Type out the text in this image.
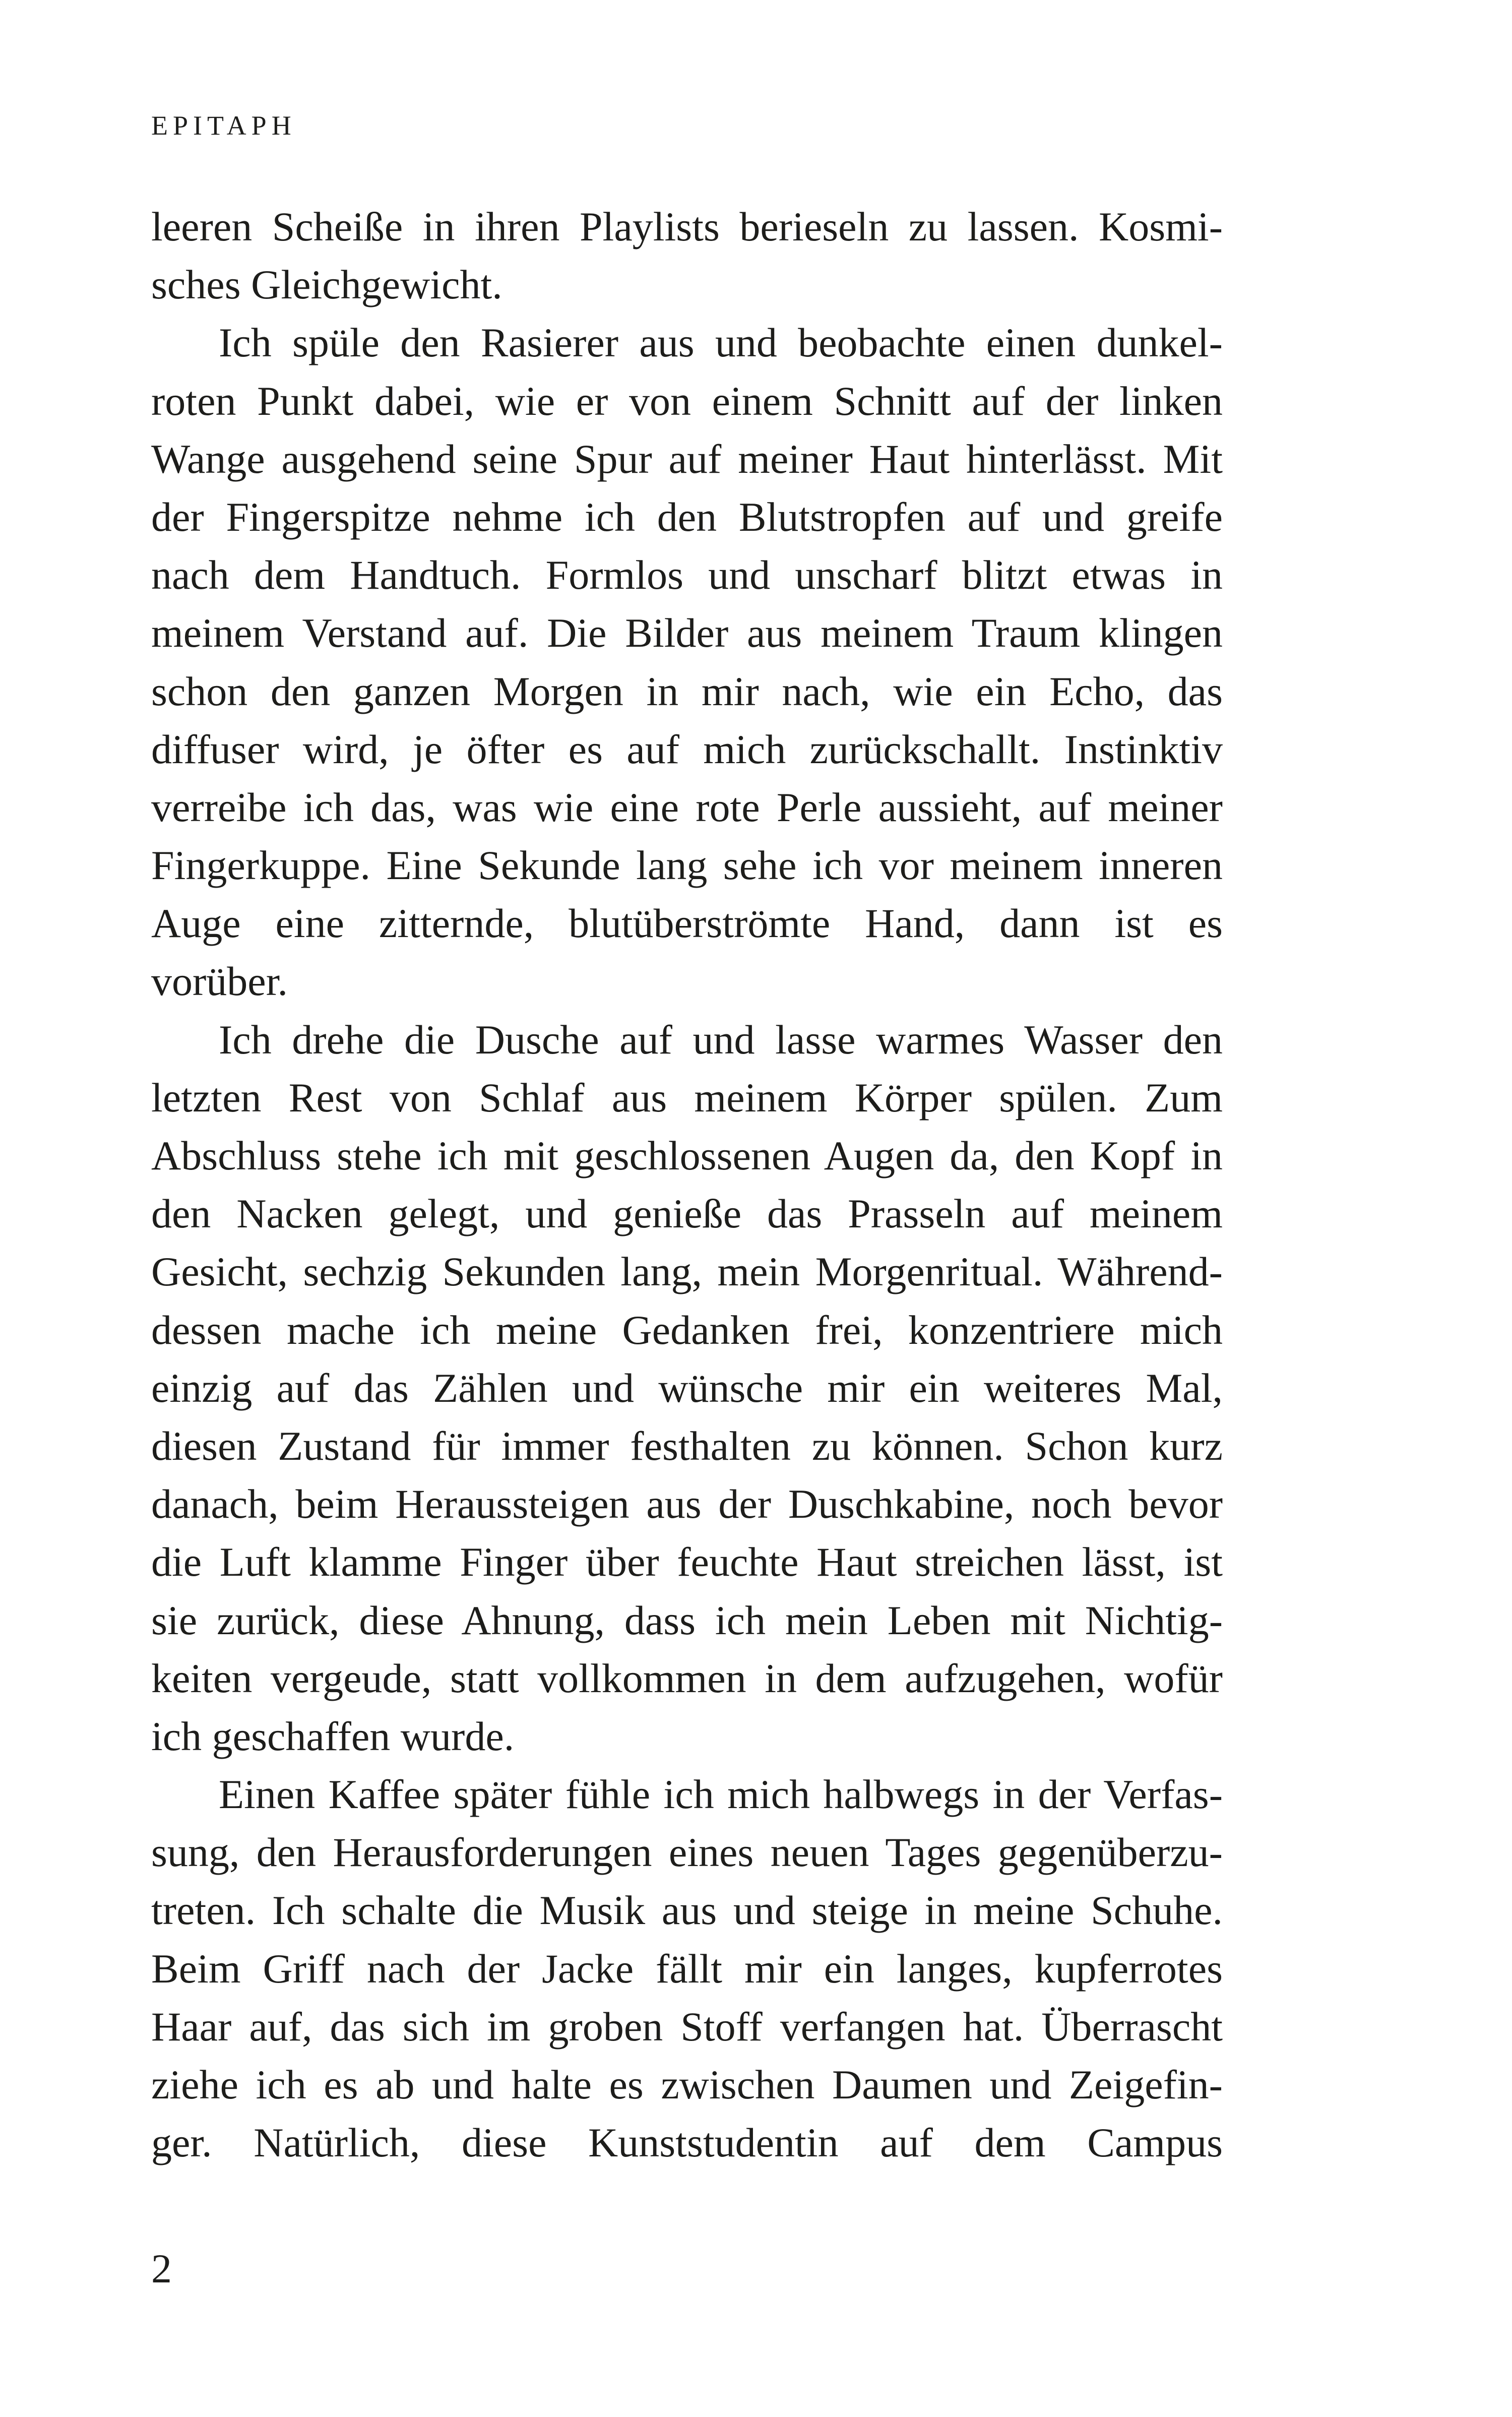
EPITAPH
leeren Scheiße in ihren Playlists berieseln zu lassen. Kosmi-
sches Gleichgewicht.
Ich spüle den Rasierer aus und beobachte einen dunkel-
roten Punkt dabei, wie er von einem Schnitt auf der linken
Wange ausgehend seine Spur auf meiner Haut hinterlässt. Mit
der Fingerspitze nehme ich den Blutstropfen auf und greife
nach dem Handtuch. Formlos und unscharf blitzt etwas in
meinem Verstand auf. Die Bilder aus meinem Traum klingen
schon den ganzen Morgen in mir nach, wie ein Echo, das
diffuser wird, je öfter es auf mich zurückschallt. Instinktiv
verreibe ich das, was wie eine rote Perle aussieht, auf meiner
Fingerkuppe. Eine Sekunde lang sehe ich vor meinem inneren
Auge eine zitternde, blutüberströmte Hand, dann ist es
vorüber.
Ich drehe die Dusche auf und lasse warmes Wasser den
letzten Rest von Schlaf aus meinem Körper spülen. Zum
Abschluss stehe ich mit geschlossenen Augen da, den Kopf in
den Nacken gelegt, und genieße das Prasseln auf meinem
Gesicht, sechzig Sekunden lang, mein Morgenritual. Während-
dessen mache ich meine Gedanken frei, konzentriere mich
einzig auf das Zählen und wünsche mir ein weiteres Mal,
diesen Zustand für immer festhalten zu können. Schon kurz
danach, beim Heraussteigen aus der Duschkabine, noch bevor
die Luft klamme Finger über feuchte Haut streichen lässt, ist
sie zurück, diese Ahnung, dass ich mein Leben mit Nichtig-
keiten vergeude, statt vollkommen in dem aufzugehen, wofür
ich geschaffen wurde.
Einen Kaffee später fühle ich mich halbwegs in der Verfas-
sung, den Herausforderungen eines neuen Tages gegenüberzu-
treten. Ich schalte die Musik aus und steige in meine Schuhe.
Beim Griff nach der Jacke fällt mir ein langes, kupferrotes
Haar auf, das sich im groben Stoff verfangen hat. Überrascht
ziehe ich es ab und halte es zwischen Daumen und Zeigefin-
ger. Natürlich, diese Kunststudentin auf dem Campus
2
